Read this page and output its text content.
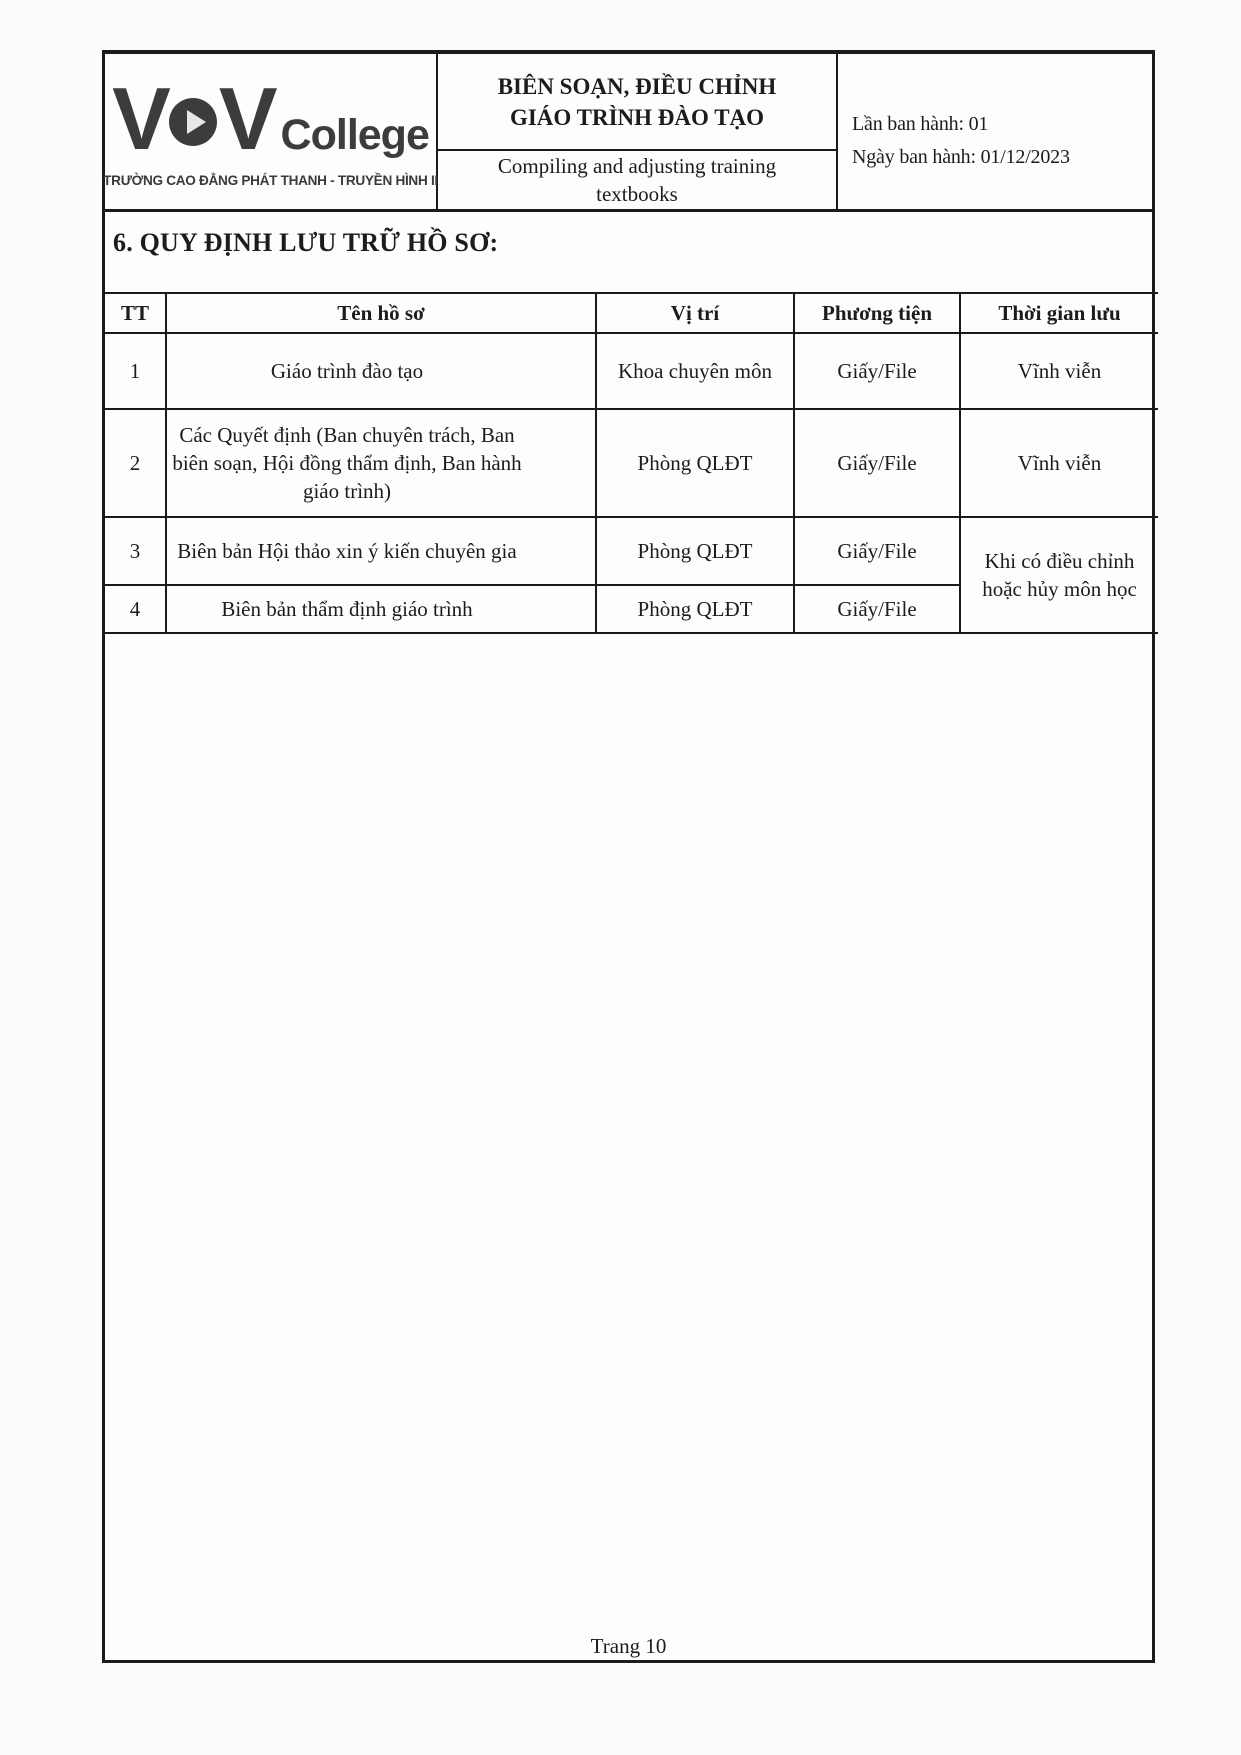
V V College
TRƯỜNG CAO ĐẲNG PHÁT THANH - TRUYỀN HÌNH II
BIÊN SOẠN, ĐIỀU CHỈNH
GIÁO TRÌNH ĐÀO TẠO
Compiling and adjusting training textbooks
Lần ban hành: 01
Ngày ban hành: 01/12/2023
6. QUY ĐỊNH LƯU TRỮ HỒ SƠ:
TT	Tên hồ sơ	Vị trí	Phương tiện	Thời gian lưu
1	Giáo trình đào tạo	Khoa chuyên môn	Giấy/File	Vĩnh viễn
2	Các Quyết định (Ban chuyên trách, Ban biên soạn, Hội đồng thẩm định, Ban hành giáo trình)	Phòng QLĐT	Giấy/File	Vĩnh viễn
3	Biên bản Hội thảo xin ý kiến chuyên gia	Phòng QLĐT	Giấy/File	Khi có điều chỉnh hoặc hủy môn học
4	Biên bản thẩm định giáo trình	Phòng QLĐT	Giấy/File	
Trang 10
